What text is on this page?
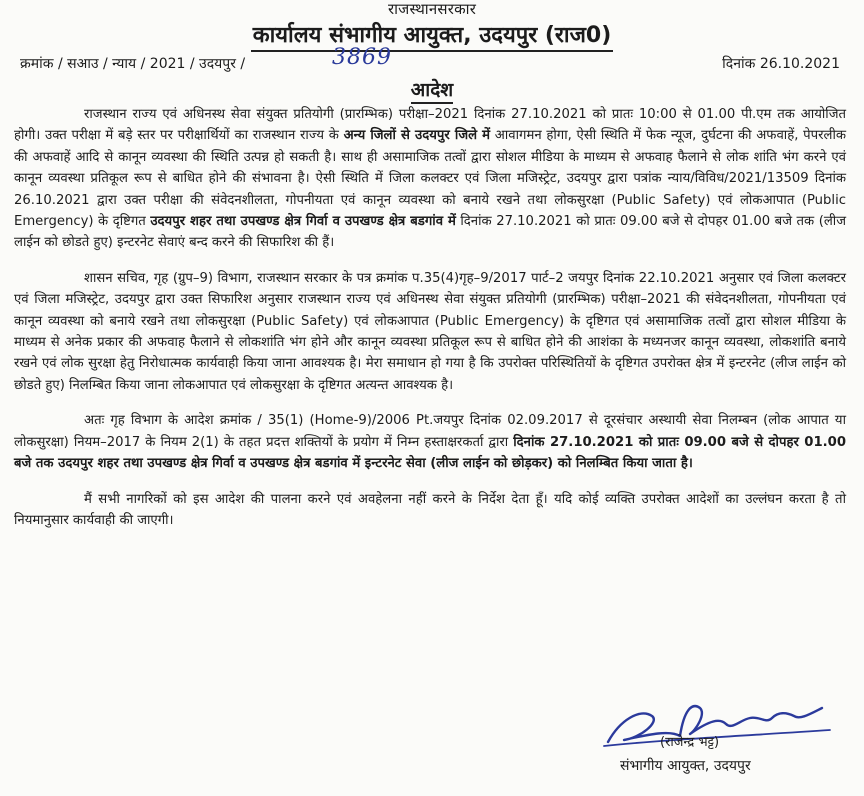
राजस्थानसरकार
कार्यालय संभागीय आयुक्त, उदयपुर (राज0)
क्रमांक / सआउ / न्याय / 2021 / उदयपुर /	3869	दिनांक 26.10.2021
आदेश

राजस्थान राज्य एवं अधिनस्थ सेवा संयुक्त प्रतियोगी (प्रारम्भिक) परीक्षा–2021 दिनांक 27.10.2021 को प्रातः 10:00 से 01.00 पी.एम तक आयोजित होगी। उक्त परीक्षा में बड़े स्तर पर परीक्षार्थियों का राजस्थान राज्य के अन्य जिलों से उदयपुर जिले में आवागमन होगा, ऐसी स्थिति में फेक न्यूज, दुर्घटना की अफवाहें, पेपरलीक की अफवाहें आदि से कानून व्यवस्था की स्थिति उत्पन्न हो सकती है। साथ ही असामाजिक तत्वों द्वारा सोशल मीडिया के माध्यम से अफवाह फैलाने से लोक शांति भंग करने एवं कानून व्यवस्था प्रतिकूल रूप से बाधित होने की संभावना है। ऐसी स्थिति में जिला कलक्टर एवं जिला मजिस्ट्रेट, उदयपुर द्वारा पत्रांक न्याय/विविध/2021/13509 दिनांक 26.10.2021 द्वारा उक्त परीक्षा की संवेदनशीलता, गोपनीयता एवं कानून व्यवस्था को बनाये रखने तथा लोकसुरक्षा (Public Safety) एवं लोकआपात (Public Emergency) के दृष्टिगत उदयपुर शहर तथा उपखण्ड क्षेत्र गिर्वा व उपखण्ड क्षेत्र बडगांव में दिनांक 27.10.2021 को प्रातः 09.00 बजे से दोपहर 01.00 बजे तक (लीज लाईन को छोडते हुए) इन्टरनेट सेवाएं बन्द करने की सिफारिश की हैं।

शासन सचिव, गृह (ग्रुप–9) विभाग, राजस्थान सरकार के पत्र क्रमांक प.35(4)गृह–9/2017 पार्ट–2 जयपुर दिनांक 22.10.2021 अनुसार एवं जिला कलक्टर एवं जिला मजिस्ट्रेट, उदयपुर द्वारा उक्त सिफारिश अनुसार राजस्थान राज्य एवं अधिनस्थ सेवा संयुक्त प्रतियोगी (प्रारम्भिक) परीक्षा–2021 की संवेदनशीलता, गोपनीयता एवं कानून व्यवस्था को बनाये रखने तथा लोकसुरक्षा (Public Safety) एवं लोकआपात (Public Emergency) के दृष्टिगत एवं असामाजिक तत्वों द्वारा सोशल मीडिया के माध्यम से अनेक प्रकार की अफवाह फैलाने से लोकशांति भंग होने और कानून व्यवस्था प्रतिकूल रूप से बाधित होने की आशंका के मध्यनजर कानून व्यवस्था, लोकशांति बनाये रखने एवं लोक सुरक्षा हेतु निरोधात्मक कार्यवाही किया जाना आवश्यक है। मेरा समाधान हो गया है कि उपरोक्त परिस्थितियों के दृष्टिगत उपरोक्त क्षेत्र में इन्टरनेट (लीज लाईन को छोडते हुए) निलम्बित किया जाना लोकआपात एवं लोकसुरक्षा के दृष्टिगत अत्यन्त आवश्यक है।

अतः गृह विभाग के आदेश क्रमांक / 35(1) (Home-9)/2006 Pt.जयपुर दिनांक 02.09.2017 से दूरसंचार अस्थायी सेवा निलम्बन (लोक आपात या लोकसुरक्षा) नियम–2017 के नियम 2(1) के तहत प्रदत्त शक्तियों के प्रयोग में निम्न हस्ताक्षरकर्ता द्वारा दिनांक 27.10.2021 को प्रातः 09.00 बजे से दोपहर 01.00 बजे तक उदयपुर शहर तथा उपखण्ड क्षेत्र गिर्वा व उपखण्ड क्षेत्र बडगांव में इन्टरनेट सेवा (लीज लाईन को छोड़कर) को निलम्बित किया जाता है।

मैं सभी नागरिकों को इस आदेश की पालना करने एवं अवहेलना नहीं करने के निर्देश देता हूँ। यदि कोई व्यक्ति उपरोक्त आदेशों का उल्लंघन करता है तो नियमानुसार कार्यवाही की जाएगी।

(राजेन्द्र भट्ट)
संभागीय आयुक्त, उदयपुर
